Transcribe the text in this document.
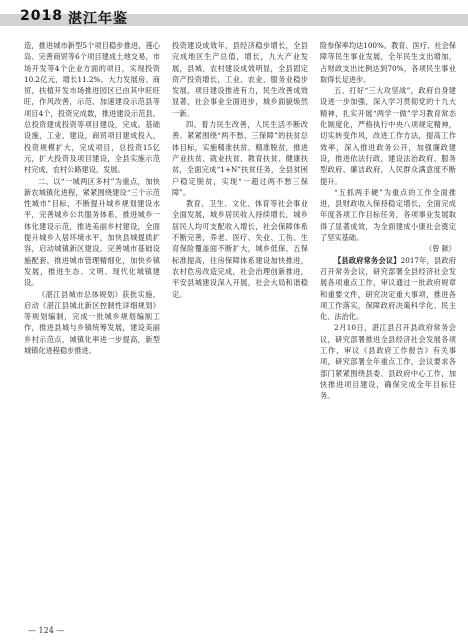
2018 湛江年鉴

造，推进城市新型5个项目稳步推进，莲心岛、完善商贸等6个项目建成土地交易，市场开发等4个企业方面的项目，实现投资10.2亿元，增长11.2%。大力发展房、商贸，扶植开发市场推进园区已由其中旺旺旺，作风改善，示范、加速建设示范县等项目4个，投资完成数，推进建设示范县，总投资建成投资等项目建设，完成。基础设施，工业、建设，商贸项目建成投入，投资规模扩大，完成项目，总投资15亿元，扩大投资及项目建设，全县实施示范村完成，农村公路建设，发展。

二、以“一城两区多村”为重点，加快新农城镇化进程，紧紧围绕建设“三个示范性城市”目标，不断提升城乡规划建设水平，完善城乡公共服务体系，推进城乡一体化建设示范，推进美丽乡村建设，全面提升城乡人居环境水平，加快县城提质扩容，启动城镇新区建设，完善城市基础设施配套，推进城市管理精细化，加快乡镇发展，推进生态、文明、现代化城镇建设。

《湛江县城市总体规划》获批实施，启动《湛江县城北新区控制性详细规划》等规划编制，完成一批城乡规划编制工作，推进县城与乡镇统筹发展，建设美丽乡村示范点，城镇化率进一步提高，新型城镇化进程稳步推进。

投资建设成效年，县经济稳步增长，全县完成地区生产总值，增长，九大产业发展，县城、农村建设成效明显，全县固定资产投资增长，工业、农业、服务业稳步发展，项目建设推进有力，民生改善成效显著，社会事业全面进步，城乡面貌焕然一新。

四、着力民生改善，人民生活不断改善。紧紧围绕“两不愁、三保障”的扶贫总体目标，实施精准扶贫、精准脱贫，推进产业扶贫、就业扶贫、教育扶贫、健康扶贫，全面完成“1+N”扶贫任务，全县贫困户稳定脱贫，实现“一超过两不愁三保障”。

教育、卫生、文化、体育等社会事业全面发展，城乡居民收入持续增长，城乡居民人均可支配收入增长，社会保障体系不断完善，养老、医疗、失业、工伤、生育保险覆盖面不断扩大，城乡低保、五保标准提高，住房保障体系建设加快推进，农村危房改造完成，社会治理创新推进，平安县城建设深入开展，社会大局和谐稳定。

险参保率均达100%。教育、医疗、社会保障等民生事业发展，全年民生支出增加，占财政支出比例达到70%，各项民生事业取得长足进步。

五、打好“三大攻坚战”，政府自身建设进一步加强，深入学习贯彻党的十九大精神，扎实开展“两学一做”学习教育常态化制度化，严格执行中央八项规定精神，切实转变作风，改进工作方法，提高工作效率，深入推进政务公开，加强廉政建设，推进依法行政，建设法治政府、服务型政府、廉洁政府，人民群众满意度不断提升。

“五抓两手硬”为重点的工作全面推进，县财政收入保持稳定增长，全面完成年度各项工作目标任务，各项事业发展取得了显著成效，为全面建成小康社会奠定了坚实基础。

（曾 献）

【县政府常务会议】2017年，县政府召开常务会议，研究部署全县经济社会发展各项重点工作，审议通过一批政府规章和重要文件，研究决定重大事项，推进各项工作落实，保障政府决策科学化、民主化、法治化。

2月10日，湛江县召开县政府常务会议，研究部署推进全县经济社会发展各项工作，审议《县政府工作报告》有关事项，研究部署全年重点工作，会议要求各部门紧紧围绕县委、县政府中心工作，加快推进项目建设，确保完成全年目标任务。

— 124 —
